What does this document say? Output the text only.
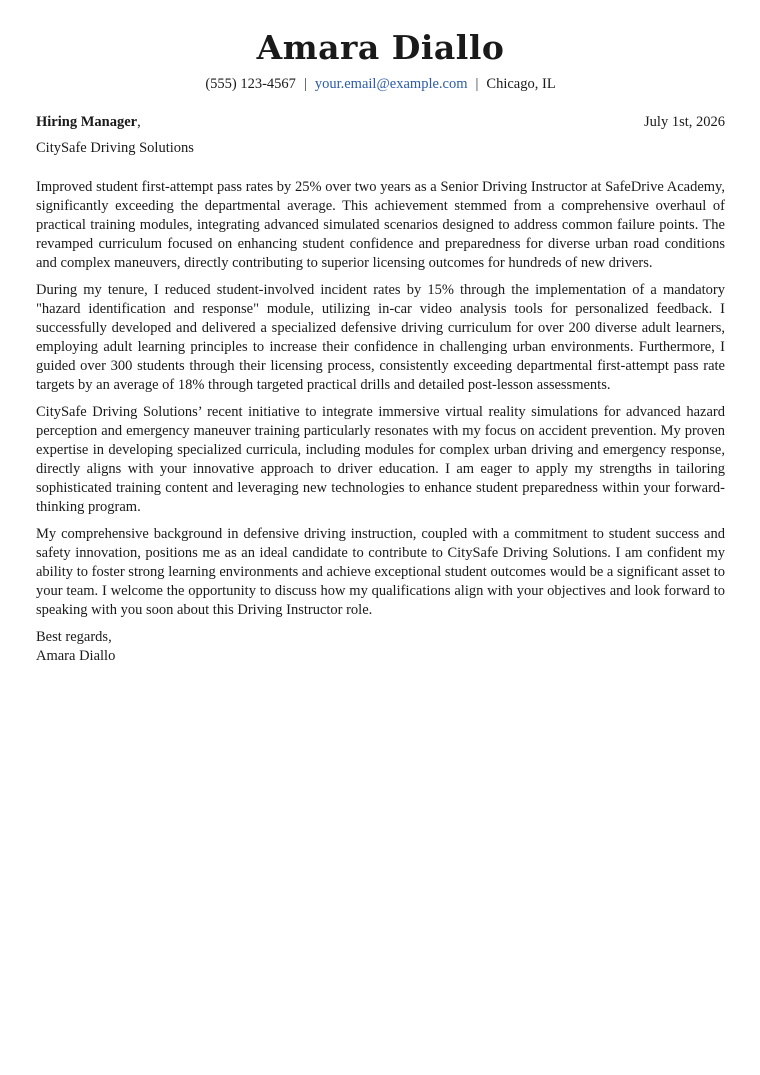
Amara Diallo
(555) 123-4567 | your.email@example.com | Chicago, IL
Hiring Manager,	July 1st, 2026
CitySafe Driving Solutions

Improved student first-attempt pass rates by 25% over two years as a Senior Driving Instructor at SafeDrive Academy, significantly exceeding the departmental average. This achievement stemmed from a comprehensive overhaul of practical training modules, integrating advanced simulated scenarios designed to address common failure points. The revamped curriculum focused on enhancing student confidence and preparedness for diverse urban road conditions and complex maneuvers, directly contributing to superior licensing outcomes for hundreds of new drivers.

During my tenure, I reduced student-involved incident rates by 15% through the implementation of a mandatory "hazard identification and response" module, utilizing in-car video analysis tools for personalized feedback. I successfully developed and delivered a specialized defensive driving curriculum for over 200 diverse adult learners, employing adult learning principles to increase their confidence in challenging urban environments. Furthermore, I guided over 300 students through their licensing process, consistently exceeding departmental first-attempt pass rate targets by an average of 18% through targeted practical drills and detailed post-lesson assessments.

CitySafe Driving Solutions’ recent initiative to integrate immersive virtual reality simulations for advanced hazard perception and emergency maneuver training particularly resonates with my focus on accident prevention. My proven expertise in developing specialized curricula, including modules for complex urban driving and emergency response, directly aligns with your innovative approach to driver education. I am eager to apply my strengths in tailoring sophisticated training content and leveraging new technologies to enhance student preparedness within your forward-thinking program.

My comprehensive background in defensive driving instruction, coupled with a commitment to student success and safety innovation, positions me as an ideal candidate to contribute to CitySafe Driving Solutions. I am confident my ability to foster strong learning environments and achieve exceptional student outcomes would be a significant asset to your team. I welcome the opportunity to discuss how my qualifications align with your objectives and look forward to speaking with you soon about this Driving Instructor role.

Best regards,
Amara Diallo
